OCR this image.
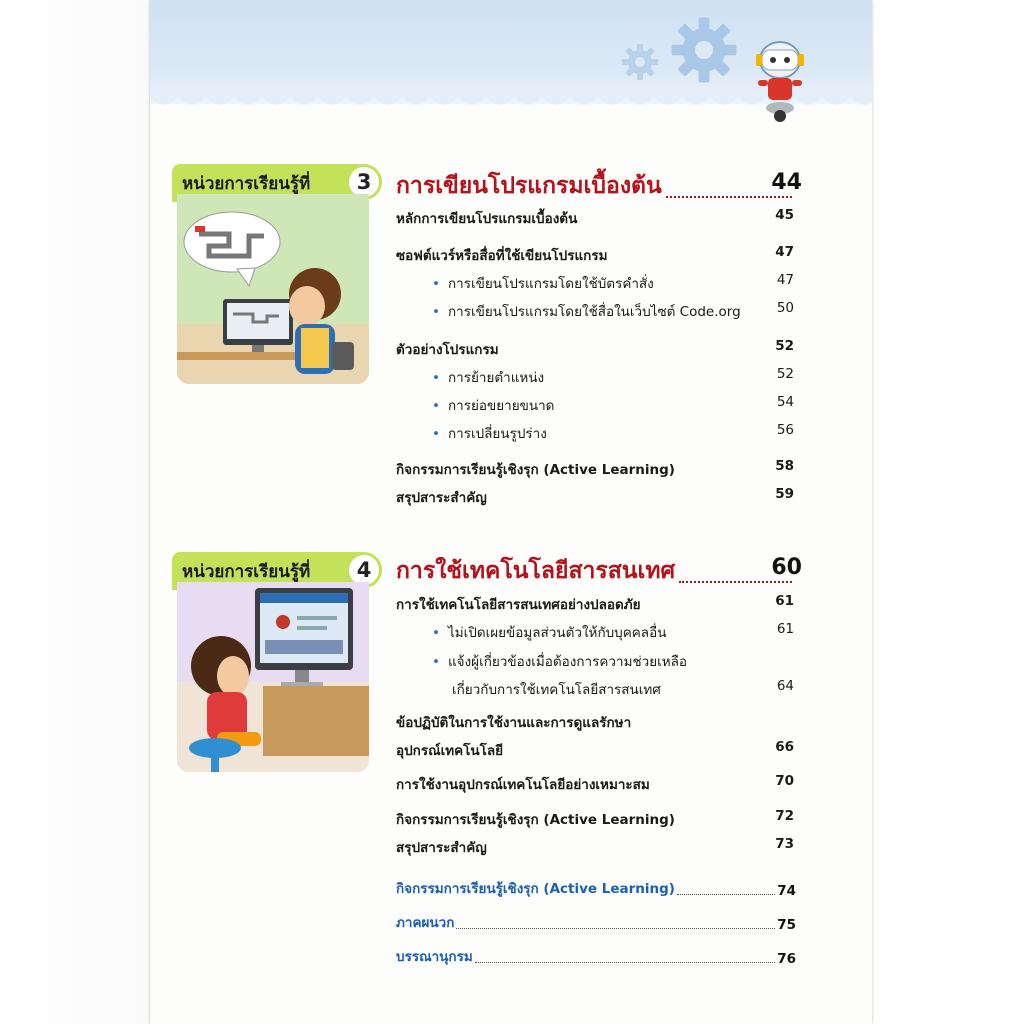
หน่วยการเรียนรู้ที่	3	การเขียนโปรแกรมเบื้องต้น	44
หลักการเขียนโปรแกรมเบื้องต้น	45
ซอฟต์แวร์หรือสื่อที่ใช้เขียนโปรแกรม	47
• การเขียนโปรแกรมโดยใช้บัตรคำสั่ง	47
• การเขียนโปรแกรมโดยใช้สื่อในเว็บไซต์ Code.org	50
ตัวอย่างโปรแกรม	52
• การย้ายตำแหน่ง	52
• การย่อขยายขนาด	54
• การเปลี่ยนรูปร่าง	56
กิจกรรมการเรียนรู้เชิงรุก (Active Learning)	58
สรุปสาระสำคัญ	59
หน่วยการเรียนรู้ที่	4	การใช้เทคโนโลยีสารสนเทศ	60
การใช้เทคโนโลยีสารสนเทศอย่างปลอดภัย	61
• ไม่เปิดเผยข้อมูลส่วนตัวให้กับบุคคลอื่น	61
• แจ้งผู้เกี่ยวข้องเมื่อต้องการความช่วยเหลือ
เกี่ยวกับการใช้เทคโนโลยีสารสนเทศ	64
ข้อปฏิบัติในการใช้งานและการดูแลรักษา
อุปกรณ์เทคโนโลยี	66
การใช้งานอุปกรณ์เทคโนโลยีอย่างเหมาะสม	70
กิจกรรมการเรียนรู้เชิงรุก (Active Learning)	72
สรุปสาระสำคัญ	73
กิจกรรมการเรียนรู้เชิงรุก (Active Learning)	74
ภาคผนวก	75
บรรณานุกรม	76
